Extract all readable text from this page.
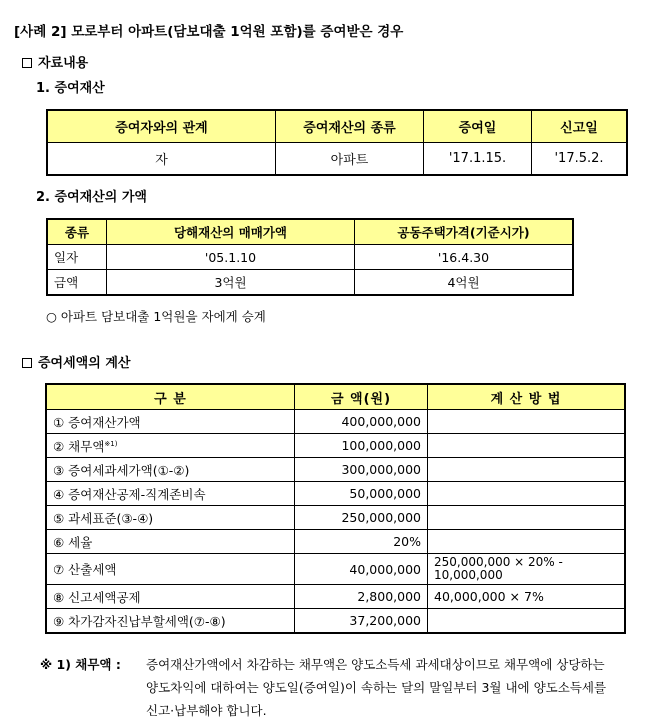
[사례 2] 모로부터 아파트(담보대출 1억원 포함)를 증여받은 경우
자료내용
1. 증여재산
증여자와의 관계	증여재산의 종류	증여일	신고일
자	아파트	'17.1.15.	'17.5.2.
2. 증여재산의 가액
종류	당해재산의 매매가액	공동주택가격(기준시가)
일자	'05.1.10	'16.4.30
금액	3억원	4억원
○ 아파트 담보대출 1억원을 자에게 승계
증여세액의 계산
구 분	금 액(원)	계 산 방 법
① 증여재산가액	400,000,000	
② 채무액$^{※1)}$	100,000,000	
③ 증여세과세가액(①-②)	300,000,000	
④ 증여재산공제-직계존비속	50,000,000	
⑤ 과세표준(③-④)	250,000,000	
⑥ 세율	20%	
⑦ 산출세액	40,000,000	250,000,000 × 20% - 10,000,000
⑧ 신고세액공제	2,800,000	40,000,000 × 7%
⑨ 차가감자진납부할세액(⑦-⑧)	37,200,000	
※ 1) 채무액 : 증여재산가액에서 차감하는 채무액은 양도소득세 과세대상이므로 채무액에 상당하는
양도차익에 대하여는 양도일(증여일)이 속하는 달의 말일부터 3월 내에 양도소득세를
신고·납부해야 합니다.
